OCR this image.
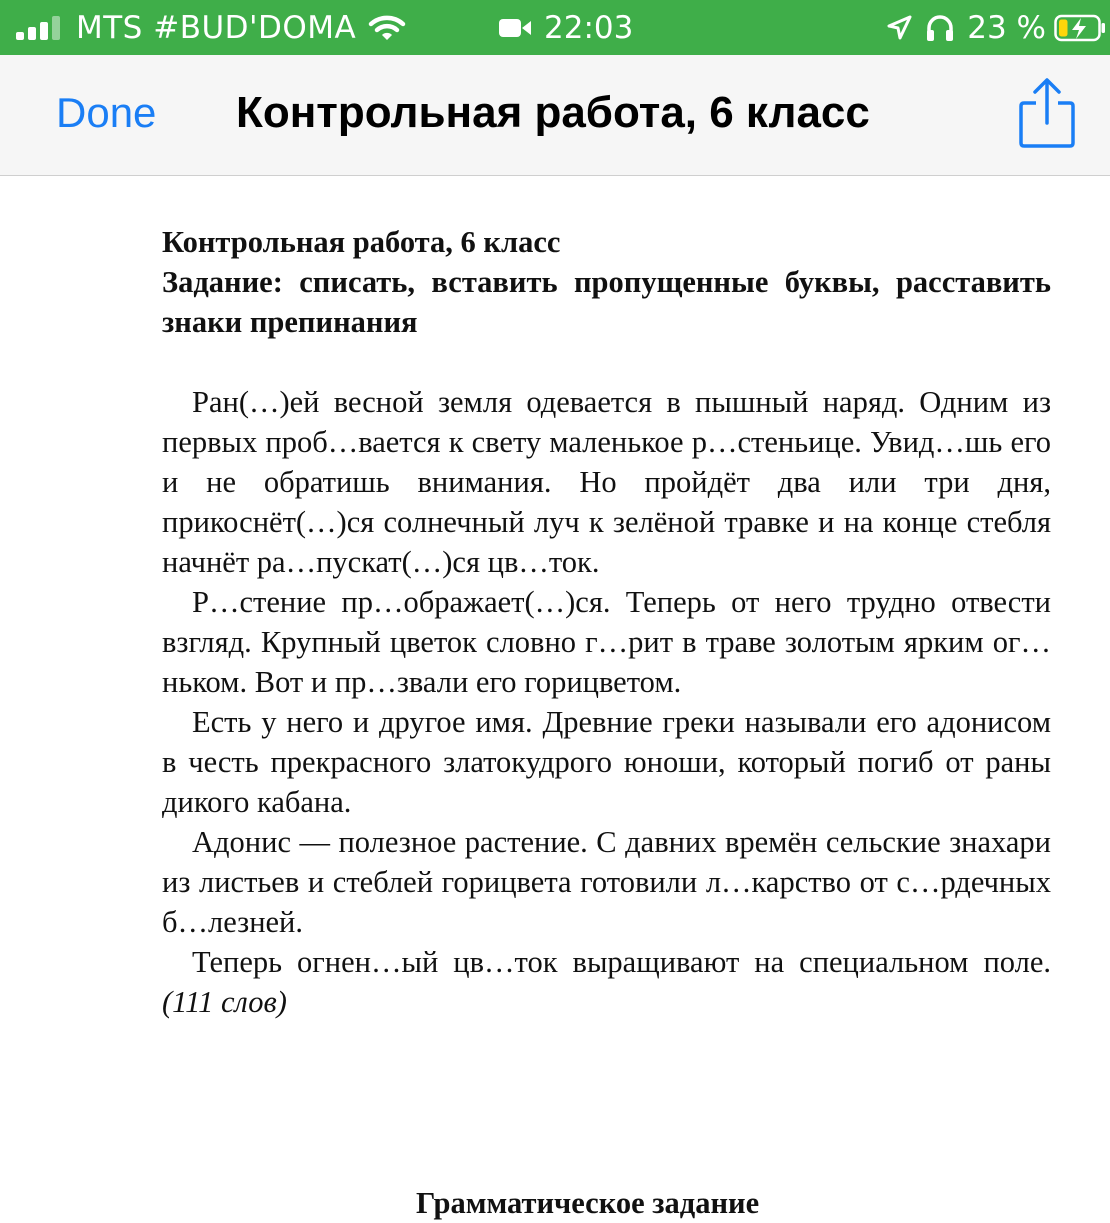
MTS #BUD'DOMA	22:03	23 %
Done Контрольная работа, 6 класс

Контрольная работа, 6 класс

Задание: списать, вставить пропущенные буквы, расставить знаки препинания

Ран(…)ей весной земля одевается в пышный наряд. Одним из первых проб…вается к свету маленькое р…стеньице. Увид…шь его и не обратишь внимания. Но пройдёт два или три дня, прикоснёт(…)ся солнечный луч к зелёной травке и на конце стебля начнёт ра…пускат(…)ся цв…ток.

Р…стение пр…ображает(…)ся. Теперь от него трудно отвести взгляд. Крупный цветок словно г…рит в траве золотым ярким ог…ньком. Вот и пр…звали его горицветом.

Есть у него и другое имя. Древние греки называли его адонисом в честь прекрасного златокудрого юноши, который погиб от раны дикого кабана.

Адонис — полезное растение. С давних времён сельские знахари из листьев и стеблей горицвета готовили л…карство от с…рдечных б…лезней.

Теперь огнен…ый цв…ток выращивают на специальном поле. (111 слов)

Грамматическое задание
